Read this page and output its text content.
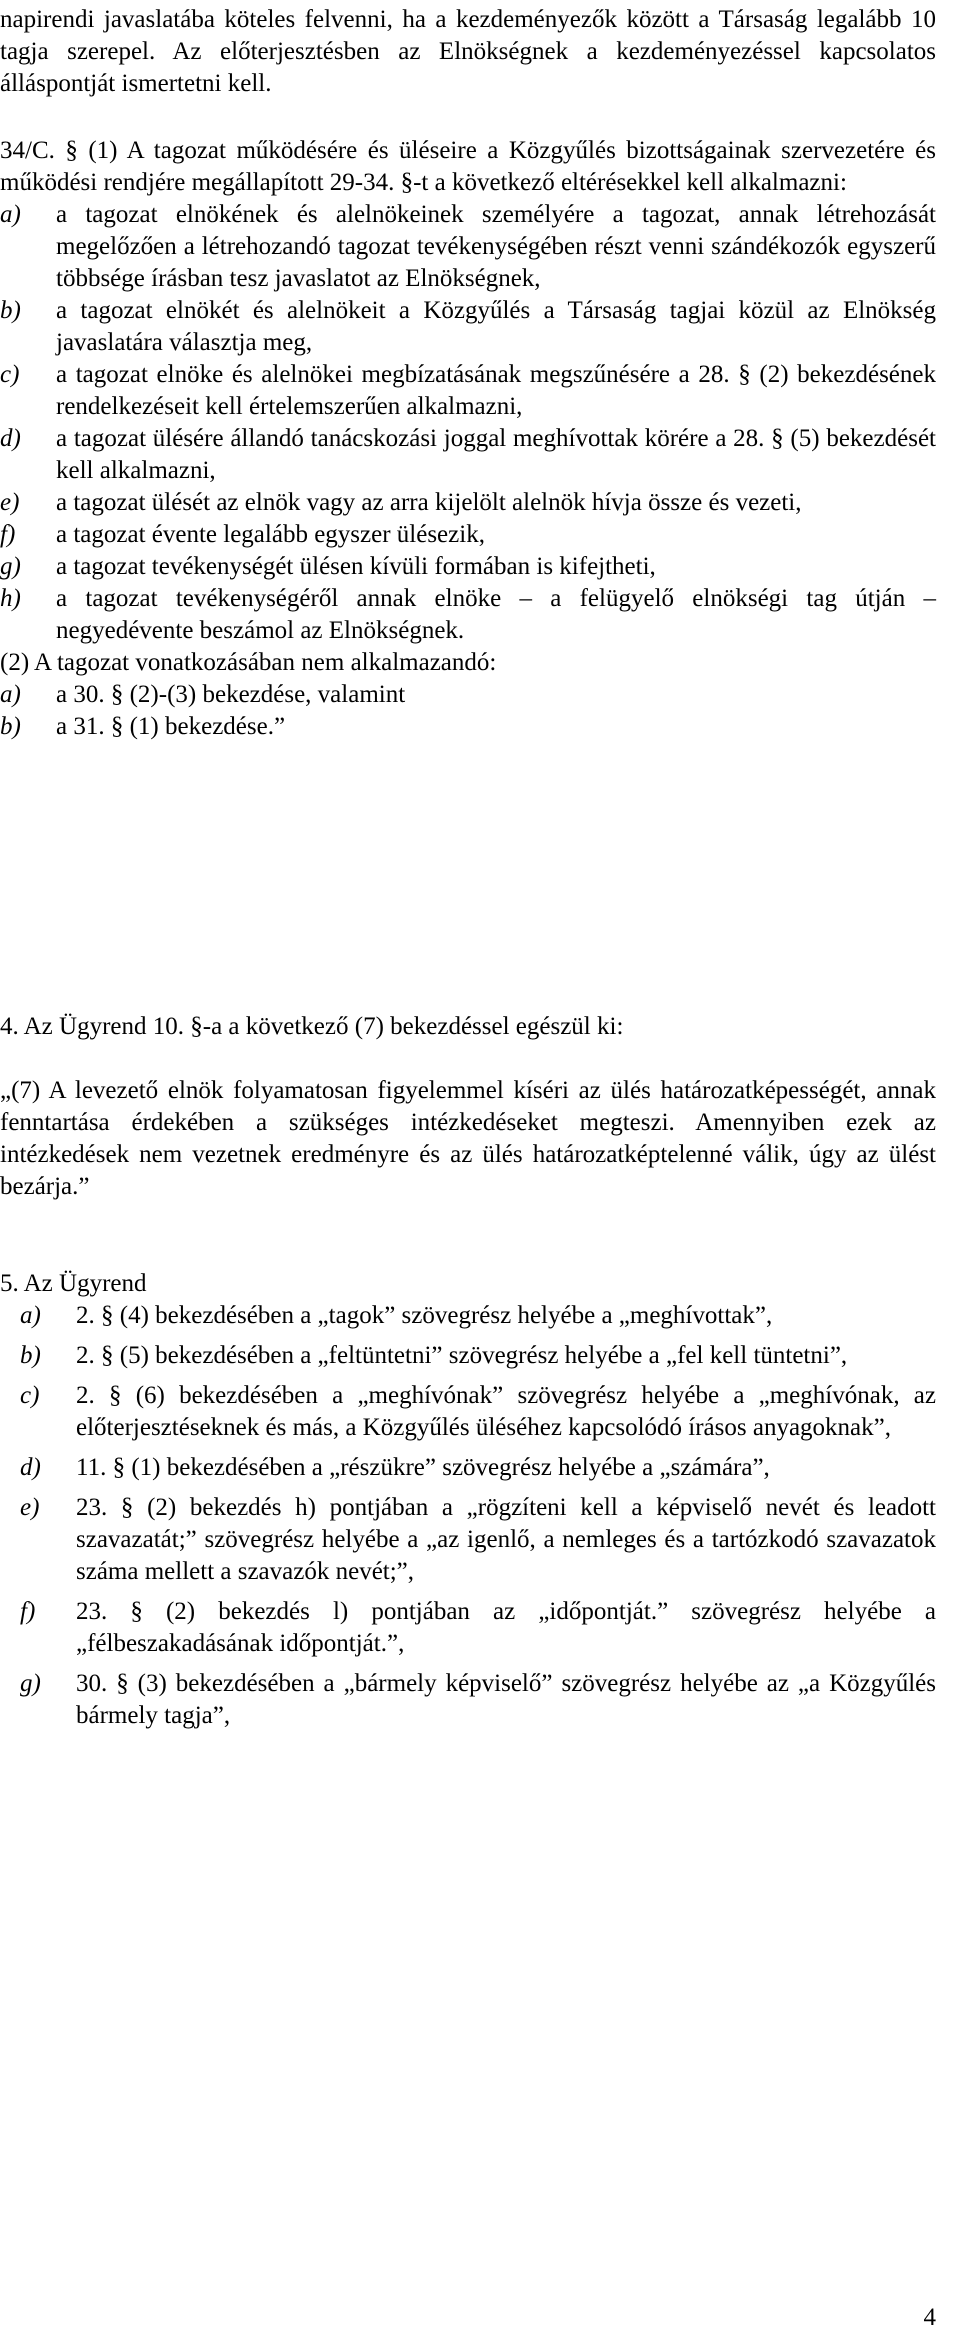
napirendi javaslatába köteles felvenni, ha a kezdeményezők között a Társaság legalább 10 tagja szerepel. Az előterjesztésben az Elnökségnek a kezdeményezéssel kapcsolatos álláspontját ismertetni kell.

34/C. § (1) A tagozat működésére és üléseire a Közgyűlés bizottságainak szervezetére és működési rendjére megállapított 29-34. §-t a következő eltérésekkel kell alkalmazni:

a)	a tagozat elnökének és alelnökeinek személyére a tagozat, annak létrehozását megelőzően a létrehozandó tagozat tevékenységében részt venni szándékozók egyszerű többsége írásban tesz javaslatot az Elnökségnek,
b)	a tagozat elnökét és alelnökeit a Közgyűlés a Társaság tagjai közül az Elnökség javaslatára választja meg,
c)	a tagozat elnöke és alelnökei megbízatásának megszűnésére a 28. § (2) bekezdésének rendelkezéseit kell értelemszerűen alkalmazni,
d)	a tagozat ülésére állandó tanácskozási joggal meghívottak körére a 28. § (5) bekezdését kell alkalmazni,
e)	a tagozat ülését az elnök vagy az arra kijelölt alelnök hívja össze és vezeti,
f)	a tagozat évente legalább egyszer ülésezik,
g)	a tagozat tevékenységét ülésen kívüli formában is kifejtheti,
h)	a tagozat tevékenységéről annak elnöke – a felügyelő elnökségi tag útján – negyedévente beszámol az Elnökségnek.

(2) A tagozat vonatkozásában nem alkalmazandó:

a)	a 30. § (2)-(3) bekezdése, valamint
b)	a 31. § (1) bekezdése.”

4. Az Ügyrend 10. §-a a következő (7) bekezdéssel egészül ki:

„(7) A levezető elnök folyamatosan figyelemmel kíséri az ülés határozatképességét, annak fenntartása érdekében a szükséges intézkedéseket megteszi. Amennyiben ezek az intézkedések nem vezetnek eredményre és az ülés határozatképtelenné válik, úgy az ülést bezárja.”

5. Az Ügyrend

a)	2. § (4) bekezdésében a „tagok” szövegrész helyébe a „meghívottak”,
b)	2. § (5) bekezdésében a „feltüntetni” szövegrész helyébe a „fel kell tüntetni”,
c)	2. § (6) bekezdésében a „meghívónak” szövegrész helyébe a „meghívónak, az előterjesztéseknek és más, a Közgyűlés üléséhez kapcsolódó írásos anyagoknak”,
d)	11. § (1) bekezdésében a „részükre” szövegrész helyébe a „számára”,
e)	23. § (2) bekezdés h) pontjában a „rögzíteni kell a képviselő nevét és leadott szavazatát;” szövegrész helyébe a „az igenlő, a nemleges és a tartózkodó szavazatok száma mellett a szavazók nevét;”,
f)	23. § (2) bekezdés l) pontjában az „időpontját.” szövegrész helyébe a „félbeszakadásának időpontját.”,
g)	30. § (3) bekezdésében a „bármely képviselő” szövegrész helyébe az „a Közgyűlés bármely tagja”,
4
